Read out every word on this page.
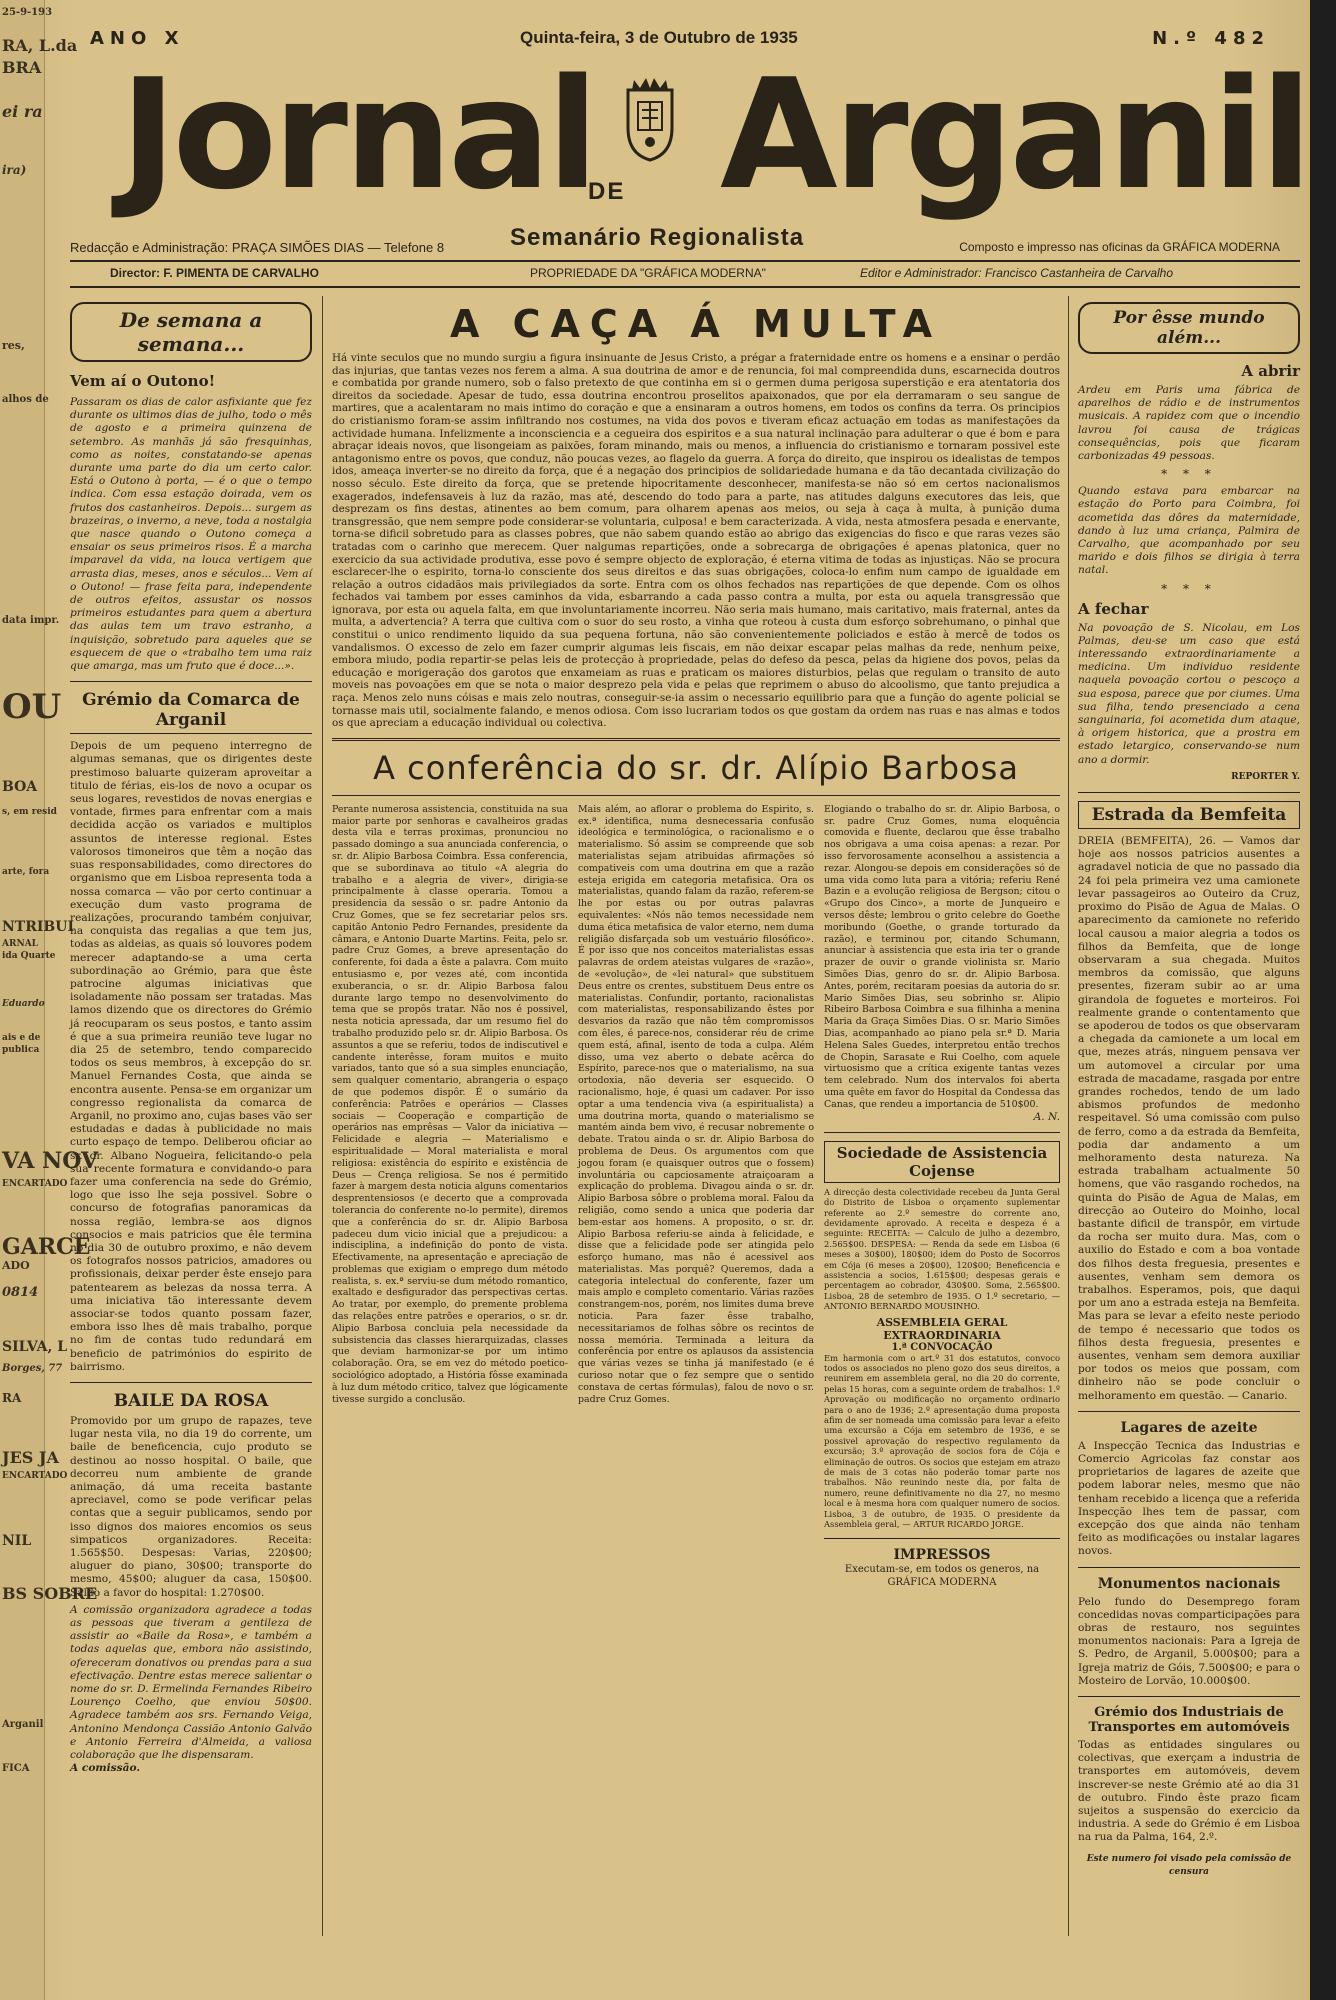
25-9-193
RA, L.da
BRA
ei ra
ira)
res,
alhos de
data impr.
OU
BOA
s, em resid
arte, fora
NTRIBUI
ARNAL
ida Quarte
Eduardo
ais e de
publica
VA NOV
ENCARTADO
GARCE
ADO
0814
SILVA, L
Borges, 77
RA
JES JA
ENCARTADO
NIL
BS SOBRE
Arganil
FICA
ANO X	Quinta-feira, 3 de Outubro de 1935	N.º 482
Jornal
DE Arganil
Semanário Regionalista
Redacção e Administração: PRAÇA SIMÕES DIAS — Telefone 8	Composto e impresso nas oficinas da GRÁFICA MODERNA
Director: F. PIMENTA DE CARVALHO	PROPRIEDADE DA "GRÁFICA MODERNA"	Editor e Administrador: Francisco Castanheira de Carvalho
De semana a semana...
Vem aí o Outono!
Passaram os dias de calor asfixiante que fez durante os ultimos dias de julho, todo o mês de agosto e a primeira quinzena de setembro. As manhãs já são fresquinhas, como as noites, constatando-se apenas durante uma parte do dia um certo calor. Está o Outono à porta, — é o que o tempo indica. Com essa estação doirada, vem os frutos dos castanheiros. Depois... surgem as brazeiras, o inverno, a neve, toda a nostalgia que nasce quando o Outono começa a ensaiar os seus primeiros risos. É a marcha imparavel da vida, na louca vertigem que arrasta dias, meses, anos e séculos... Vem aí o Outono! — frase feita para, independente de outros efeitos, assustar os nossos primeiros estudantes para quem a abertura das aulas tem um travo estranho, a inquisição, sobretudo para aqueles que se esquecem de que o «trabalho tem uma raiz que amarga, mas um fruto que é doce...».
Grémio da Comarca de Arganil
Depois de um pequeno interregno de algumas semanas, que os dirigentes deste prestimoso baluarte quizeram aproveitar a titulo de férias, eis-los de novo a ocupar os seus logares, revestidos de novas energias e vontade, firmes para enfrentar com a mais decidida acção os variados e multiplos assuntos de interesse regional. Estes valorosos timoneiros que têm a noção das suas responsabilidades, como directores do organismo que em Lisboa representa toda a nossa comarca — vão por certo continuar a execução dum vasto programa de realizações, procurando também conjuivar, na conquista das regalias a que tem jus, todas as aldeias, as quais só louvores podem merecer adaptando-se a uma certa subordinação ao Grémio, para que êste patrocine algumas iniciativas que isoladamente não possam ser tratadas. Mas lamos dizendo que os directores do Grémio já reocuparam os seus postos, e tanto assim é que a sua primeira reunião teve lugar no dia 25 de setembro, tendo comparecido todos os seus membros, à excepção do sr. Manuel Fernandes Costa, que ainda se encontra ausente. Pensa-se em organizar um congresso regionalista da comarca de Arganil, no proximo ano, cujas bases vão ser estudadas e dadas à publicidade no mais curto espaço de tempo. Deliberou oficiar ao sr. dr. Albano Nogueira, felicitando-o pela sua recente formatura e convidando-o para fazer uma conferencia na sede do Grémio, logo que isso lhe seja possivel. Sobre o concurso de fotografias panoramicas da nossa região, lembra-se aos dignos consocios e mais patricios que êle termina no dia 30 de outubro proximo, e não devem os fotografos nossos patricios, amadores ou profissionais, deixar perder êste ensejo para patentearem as belezas da nossa terra. A uma iniciativa tão interessante devem associar-se todos quanto possam fazer, embora isso lhes dê mais trabalho, porque no fim de contas tudo redundará em beneficio de patrimónios do espirito de bairrismo.
BAILE DA ROSA
Promovido por um grupo de rapazes, teve lugar nesta vila, no dia 19 do corrente, um baile de beneficencia, cujo produto se destinou ao nosso hospital. O baile, que decorreu num ambiente de grande animação, dá uma receita bastante apreciavel, como se pode verificar pelas contas que a seguir publicamos, sendo por isso dignos dos maiores encomios os seus simpaticos organizadores. Receita: 1.565$50. Despesas: Varias, 220$00; aluguer do piano, 30$00; transporte do mesmo, 45$00; aluguer da casa, 150$00. Saldo a favor do hospital: 1.270$00.
A comissão organizadora agradece a todas as pessoas que tiveram a gentileza de assistir ao «Baile da Rosa», e também a todas aquelas que, embora não assistindo, ofereceram donativos ou prendas para a sua efectivação. Dentre estas merece salientar o nome do sr. D. Ermelinda Fernandes Ribeiro Lourenço Coelho, que enviou 50$00. Agradece também aos srs. Fernando Veiga, Antonino Mendonça Cassião Antonio Galvão e Antonio Ferreira d'Almeida, a valiosa colaboração que lhe dispensaram.
A comissão.
A CAÇA Á MULTA
Há vinte seculos que no mundo surgiu a figura insinuante de Jesus Cristo, a prégar a fraternidade entre os homens e a ensinar o perdão das injurias, que tantas vezes nos ferem a alma. A sua doutrina de amor e de renuncia, foi mal compreendida duns, escarnecida doutros e combatida por grande numero, sob o falso pretexto de que continha em si o germen duma perigosa superstição e era atentatoria dos direitos da sociedade. Apesar de tudo, essa doutrina encontrou proselitos apaixonados, que por ela derramaram o seu sangue de martires, que a acalentaram no mais intimo do coração e que a ensinaram a outros homens, em todos os confins da terra. Os principios do cristianismo foram-se assim infiltrando nos costumes, na vida dos povos e tiveram eficaz actuação em todas as manifestações da actividade humana. Infelizmente a inconsciencia e a cegueira dos espiritos e a sua natural inclinação para adulterar o que é bom e para abraçar ideais novos, que lisongeiam as paixões, foram minando, mais ou menos, a influencia do cristianismo e tornaram possivel este antagonismo entre os povos, que conduz, não poucas vezes, ao flagelo da guerra. A força do direito, que inspirou os idealistas de tempos idos, ameaça inverter-se no direito da força, que é a negação dos principios de solidariedade humana e da tão decantada civilização do nosso século. Este direito da força, que se pretende hipocritamente desconhecer, manifesta-se não só em certos nacionalismos exagerados, indefensaveis à luz da razão, mas até, descendo do todo para a parte, nas atitudes dalguns executores das leis, que desprezam os fins destas, atinentes ao bem comum, para olharem apenas aos meios, ou seja à caça à multa, à punição duma transgressão, que nem sempre pode considerar-se voluntaria, culposa! e bem caracterizada. A vida, nesta atmosfera pesada e enervante, torna-se dificil sobretudo para as classes pobres, que não sabem quando estão ao abrigo das exigencias do fisco e que raras vezes são tratadas com o carinho que merecem. Quer nalgumas repartições, onde a sobrecarga de obrigações é apenas platonica, quer no exercicio da sua actividade produtiva, esse povo é sempre objecto de exploração, é eterna vitima de todas as injustiças. Não se procura esclarecer-lhe o espirito, torna-lo consciente dos seus direitos e das suas obrigações, coloca-lo enfim num campo de igualdade em relação a outros cidadãos mais privilegiados da sorte. Entra com os olhos fechados nas repartições de que depende. Com os olhos fechados vai tambem por esses caminhos da vida, esbarrando a cada passo contra a multa, por esta ou aquela transgressão que ignorava, por esta ou aquela falta, em que involuntariamente incorreu. Não seria mais humano, mais caritativo, mais fraternal, antes da multa, a advertencia? A terra que cultiva com o suor do seu rosto, a vinha que roteou à custa dum esforço sobrehumano, o pinhal que constitui o unico rendimento liquido da sua pequena fortuna, não são convenientemente policiados e estão à mercê de todos os vandalismos. O excesso de zelo em fazer cumprir algumas leis fiscais, em não deixar escapar pelas malhas da rede, nenhum peixe, embora miudo, podia repartir-se pelas leis de protecção à propriedade, pelas do defeso da pesca, pelas da higiene dos povos, pelas da educação e morigeração dos garotos que enxameiam as ruas e praticam os maiores disturbios, pelas que regulam o transito de auto moveis nas povoações em que se nota o maior desprezo pela vida e pelas que reprimem o abuso do alcoolismo, que tanto prejudica a raça. Menos zelo nuns cóisas e mais zelo noutras, conseguir-se-ia assim o necessario equilibrio para que a função do agente policial se tornasse mais util, socialmente falando, e menos odiosa. Com isso lucrariam todos os que gostam da ordem nas ruas e nas almas e todos os que apreciam a educação individual ou colectiva.
A conferência do sr. dr. Alípio Barbosa
Perante numerosa assistencia, constituida na sua maior parte por senhoras e cavalheiros gradas desta vila e terras proximas, pronunciou no passado domingo a sua anunciada conferencia, o sr. dr. Alipio Barbosa Coimbra. Essa conferencia, que se subordinava ao titulo «A alegria do trabalho e a alegria de viver», dirigia-se principalmente à classe operaria. Tomou a presidencia da sessão o sr. padre Antonio da Cruz Gomes, que se fez secretariar pelos srs. capitão Antonio Pedro Fernandes, presidente da câmara, e Antonio Duarte Martins. Feita, pelo sr. padre Cruz Gomes, a breve apresentação do conferente, foi dada a êste a palavra. Com muito entusiasmo e, por vezes até, com incontida exuberancia, o sr. dr. Alipio Barbosa falou durante largo tempo no desenvolvimento do tema que se propôs tratar. Não nos é possivel, nesta noticia apressada, dar um resumo fiel do trabalho produzido pelo sr. dr. Alipio Barbosa. Os assuntos a que se referiu, todos de indiscutivel e candente interêsse, foram muitos e muito variados, tanto que só a sua simples enunciação, sem qualquer comentario, abrangeria o espaço de que podemos dispôr. É o sumário da conferência: Patrões e operários — Classes sociais — Cooperação e compartição de operários nas emprêsas — Valor da iniciativa — Felicidade e alegria — Materialismo e espiritualidade — Moral materialista e moral religiosa: existência do espírito e existência de Deus — Crença religiosa. Se nos é permitido fazer à margem desta noticia alguns comentarios desprentensiosos (e decerto que a comprovada tolerancia do conferente no-lo permite), diremos que a conferência do sr. dr. Alipio Barbosa padeceu dum vicio inicial que a prejudicou: a indisciplina, a indefinição do ponto de vista. Efectivamente, na apresentação e apreciação de problemas que exigiam o emprego dum método realista, s. ex.ª serviu-se dum método romantico, exaltado e desfigurador das perspectivas certas. Ao tratar, por exemplo, do premente problema das relações entre patrões e operarios, o sr. dr. Alipio Barbosa concluia pela necessidade da subsistencia das classes hierarquizadas, classes que deviam harmonizar-se por um intimo colaboração. Ora, se em vez do método poetico-sociológico adoptado, a História fôsse examinada à luz dum método critico, talvez que lógicamente tivesse surgido a conclusão.
Mais além, ao aflorar o problema do Espirito, s. ex.ª identifica, numa desnecessaria confusão ideológica e terminológica, o racionalismo e o materialismo. Só assim se compreende que sob materialistas sejam atribuidas afirmações só compativeis com uma doutrina em que a razão esteja erigida em categoria metafisica. Ora os materialistas, quando falam da razão, referem-se lhe por estas ou por outras palavras equivalentes: «Nós não temos necessidade nem duma ética metafisica de valor eterno, nem duma religião disfarçada sob um vestuário filosófico». É por isso que nos conceitos materialistas essas palavras de ordem ateistas vulgares de «razão», de «evolução», de «lei natural» que substituem Deus entre os crentes, substituem Deus entre os materialistas. Confundir, portanto, racionalistas com materialistas, responsabilizando êstes por desvarios da razão que não têm compromissos com êles, é parece-nos, considerar réu de crime quem está, afinal, isento de toda a culpa. Além disso, uma vez aberto o debate acêrca do Espírito, parece-nos que o materialismo, na sua ortodoxia, não deveria ser esquecido. O racionalismo, hoje, é quasi um cadaver. Por isso optar a uma tendencia viva (a espiritualista) a uma doutrina morta, quando o materialismo se mantém ainda bem vivo, é recusar nobremente o debate. Tratou ainda o sr. dr. Alipio Barbosa do problema de Deus. Os argumentos com que jogou foram (e quaisquer outros que o fossem) involuntária ou capciosamente atraiçoaram a explicação do problema. Divagou ainda o sr. dr. Alipio Barbosa sôbre o problema moral. Falou da religião, como sendo a unica que poderia dar bem-estar aos homens. A proposito, o sr. dr. Alipio Barbosa referiu-se ainda à felicidade, e disse que a felicidade pode ser atingida pelo esforço humano, mas não é acessivel aos materialistas. Mas porquê? Queremos, dada a categoria intelectual do conferente, fazer um mais amplo e completo comentario. Várias razões constrangem-nos, porém, nos limites duma breve noticia. Para fazer êsse trabalho, necessitariamos de folhas sôbre os recintos de nossa memória. Terminada a leitura da conferência por entre os aplausos da assistencia que várias vezes se tinha já manifestado (e é curioso notar que o fez sempre que o sentido constava de certas fórmulas), falou de novo o sr. padre Cruz Gomes.
Elogiando o trabalho do sr. dr. Alipio Barbosa, o sr. padre Cruz Gomes, numa eloquência comovida e fluente, declarou que êsse trabalho nos obrigava a uma coisa apenas: a rezar. Por isso fervorosamente aconselhou a assistencia a rezar. Alongou-se depois em considerações só de uma vida como luta para a vitória; referiu René Bazin e a evolução religiosa de Bergson; citou o «Grupo dos Cinco», a morte de Junqueiro e versos dêste; lembrou o grito celebre do Goethe moribundo (Goethe, o grande torturado da razão), e terminou por, citando Schumann, anunciar à assistencia que esta iria ter o grande prazer de ouvir o grande violinista sr. Mario Simões Dias, genro do sr. dr. Alipio Barbosa. Antes, porém, recitaram poesias da autoria do sr. Mario Simões Dias, seu sobrinho sr. Alipio Ribeiro Barbosa Coimbra e sua filhinha a menina Maria da Graça Simões Dias. O sr. Mario Simões Dias, acompanhado ao piano pela sr.ª D. Maria Helena Sales Guedes, interpretou então trechos de Chopin, Sarasate e Rui Coelho, com aquele virtuosismo que a crítica exigente tantas vezes tem celebrado. Num dos intervalos foi aberta uma quête em favor do Hospital da Condessa das Canas, que rendeu a importancia de 510$00.
A. N.
Sociedade de Assistencia Cojense
A direcção desta colectividade recebeu da Junta Geral do Distrito de Lisboa o orçamento suplementar referente ao 2.º semestre do corrente ano, devidamente aprovado. A receita e despeza é a seguinte: RECEITA: — Calculo de julho a dezembro, 2.565$00. DESPESA: — Renda da sede em Lisboa (6 meses a 30$00), 180$00; idem do Posto de Socorros em Cója (6 meses a 20$00), 120$00; Beneficencia e assistencia a socios, 1.615$00; despesas gerais e percentagem ao cobrador, 430$00. Soma, 2.565$00. Lisboa, 28 de setembro de 1935. O 1.º secretario, — ANTONIO BERNARDO MOUSINHO.
ASSEMBLEIA GERAL EXTRAORDINARIA
1.ª CONVOCAÇÃO
Em harmonia com o art.º 31 dos estatutos, convoco todos os associados no pleno gozo dos seus direitos, a reunirem em assembleia geral, no dia 20 do corrente, pelas 15 horas, com a seguinte ordem de trabalhos: 1.º Aprovação ou modificação no orçamento ordinario para o ano de 1936; 2.º apresentação duma proposta afim de ser nomeada uma comissão para levar a efeito uma excursão a Cója em setembro de 1936, e se possivel aprovação do respectivo regulamento da excursão; 3.º aprovação de socios fora de Cója e eliminação de outros. Os socios que estejam em atrazo de mais de 3 cotas não poderão tomar parte nos trabalhos. Não reunindo neste dia, por falta de numero, reune definitivamente no dia 27, no mesmo local e à mesma hora com qualquer numero de socios. Lisboa, 3 de outubro, de 1935. O presidente da Assembleia geral, — ARTUR RICARDO JORGE.
IMPRESSOS
Executam-se, em todos os generos, na GRÁFICA MODERNA
Por êsse mundo além...
A abrir
Ardeu em Paris uma fábrica de aparelhos de rádio e de instrumentos musicais. A rapidez com que o incendio lavrou foi causa de trágicas consequências, pois que ficaram carbonizadas 49 pessoas.
* * *
Quando estava para embarcar na estação do Porto para Coimbra, foi acometida das dôres da maternidade, dando à luz uma criança, Palmira de Carvalho, que acompanhado por seu marido e dois filhos se dirigia à terra natal.
* * *
A fechar
Na povoação de S. Nicolau, em Los Palmas, deu-se um caso que está interessando extraordinariamente a medicina. Um individuo residente naquela povoação cortou o pescoço a sua esposa, parece que por ciumes. Uma sua filha, tendo presenciado a cena sanguinaria, foi acometida dum ataque, à origem historica, que a prostra em estado letargico, conservando-se num ano a dormir.
REPORTER Y.
Estrada da Bemfeita
DREIA (BEMFEITA), 26. — Vamos dar hoje aos nossos patricios ausentes a agradavel noticia de que no passado dia 24 foi pela primeira vez uma camionete levar passageiros ao Outeiro da Cruz, proximo do Pisão de Agua de Malas. O aparecimento da camionete no referido local causou a maior alegria a todos os filhos da Bemfeita, que de longe observaram a sua chegada. Muitos membros da comissão, que alguns presentes, fizeram subir ao ar uma girandola de foguetes e morteiros. Foi realmente grande o contentamento que se apoderou de todos os que observaram a chegada da camionete a um local em que, mezes atrás, ninguem pensava ver um automovel a circular por uma estrada de macadame, rasgada por entre grandes rochedos, tendo de um lado abismos profundos de medonho respeitavel. Só uma comissão com pulso de ferro, como a da estrada da Bemfeita, podia dar andamento a um melhoramento desta natureza. Na estrada trabalham actualmente 50 homens, que vão rasgando rochedos, na quinta do Pisão de Agua de Malas, em direcção ao Outeiro do Moinho, local bastante dificil de transpôr, em virtude da rocha ser muito dura. Mas, com o auxilio do Estado e com a boa vontade dos filhos desta freguesia, presentes e ausentes, venham sem demora os trabalhos. Esperamos, pois, que daqui por um ano a estrada esteja na Bemfeita. Mas para se levar a efeito neste periodo de tempo é necessario que todos os filhos desta freguesia, presentes e ausentes, venham sem demora auxiliar por todos os meios que possam, com dinheiro não se pode concluir o melhoramento em questão. — Canario.
Lagares de azeite
A Inspecção Tecnica das Industrias e Comercio Agricolas faz constar aos proprietarios de lagares de azeite que podem laborar neles, mesmo que não tenham recebido a licença que a referida Inspecção lhes tem de passar, com excepção dos que ainda não tenham feito as modificações ou instalar lagares novos.
Monumentos nacionais
Pelo fundo do Desemprego foram concedidas novas comparticipações para obras de restauro, nos seguintes monumentos nacionais: Para a Igreja de S. Pedro, de Arganil, 5.000$00; para a Igreja matriz de Góis, 7.500$00; e para o Mosteiro de Lorvão, 10.000$00.
Grémio dos Industriais de Transportes em automóveis
Todas as entidades singulares ou colectivas, que exerçam a industria de transportes em automóveis, devem inscrever-se neste Grémio até ao dia 31 de outubro. Findo êste prazo ficam sujeitos a suspensão do exercicio da industria. A sede do Grémio é em Lisboa na rua da Palma, 164, 2.º.
Este numero foi visado pela comissão de censura
